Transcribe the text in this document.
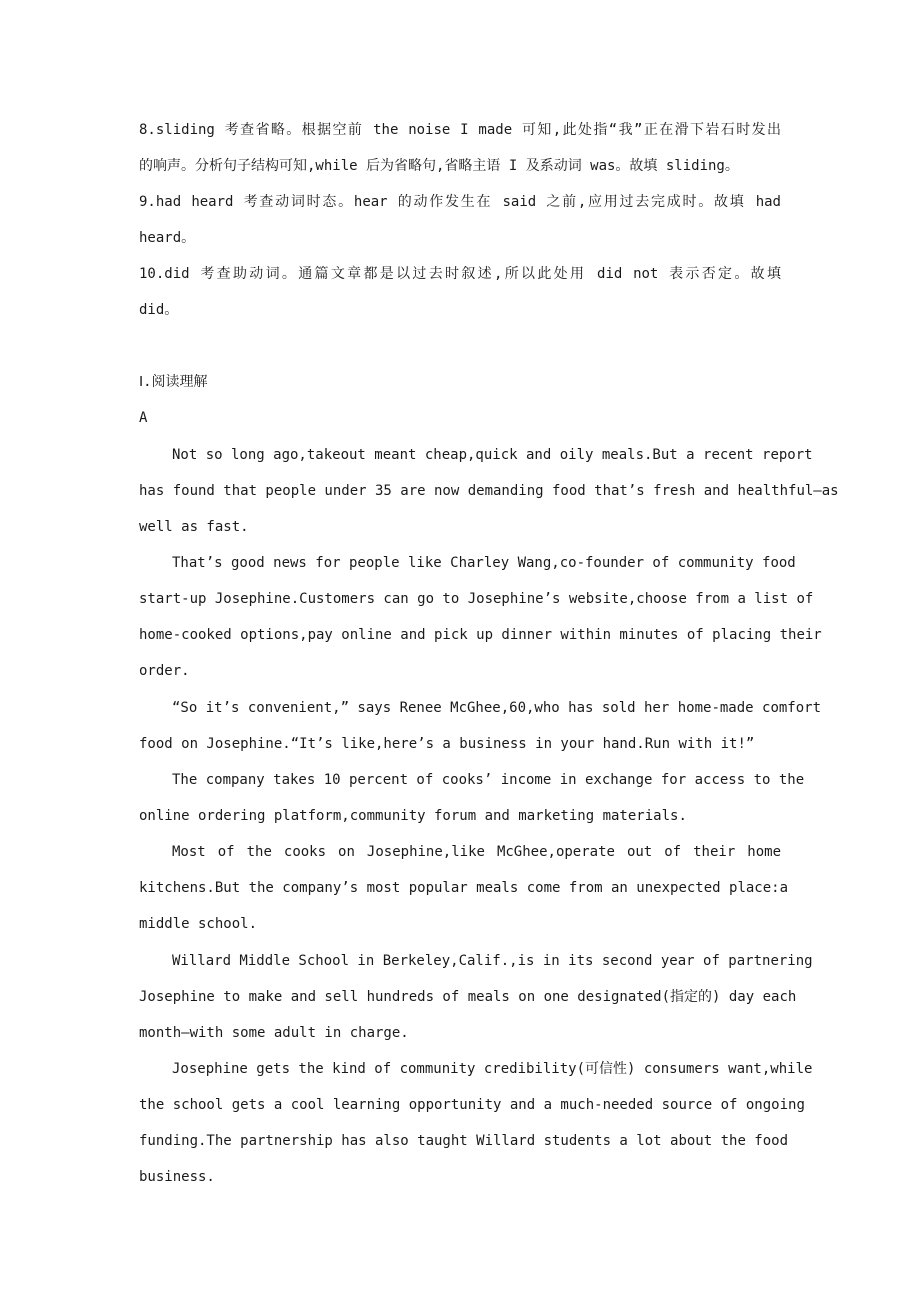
8.sliding 考查省略。根据空前 the noise I made 可知,此处指“我”正在滑下岩石时发出
的响声。分析句子结构可知,while 后为省略句,省略主语 I 及系动词 was。故填 sliding。
9.had heard 考查动词时态。hear 的动作发生在 said 之前,应用过去完成时。故填 had
heard。
10.did 考查助动词。通篇文章都是以过去时叙述,所以此处用 did not 表示否定。故填
did。
Ⅰ.阅读理解
A
Not so long ago,takeout meant cheap,quick and oily meals.But a recent report
has found that people under 35 are now demanding food that’s fresh and healthful—as
well as fast.
That’s good news for people like Charley Wang,co-founder of community food
start-up Josephine.Customers can go to Josephine’s website,choose from a list of
home-cooked options,pay online and pick up dinner within minutes of placing their
order.
“So it’s convenient,” says Renee McGhee,60,who has sold her home-made comfort
food on Josephine.“It’s like,here’s a business in your hand.Run with it!”
The company takes 10 percent of cooks’ income in exchange for access to the
online ordering platform,community forum and marketing materials.
Most of the cooks on Josephine,like McGhee,operate out of their home
kitchens.But the company’s most popular meals come from an unexpected place:a
middle school.
Willard Middle School in Berkeley,Calif.,is in its second year of partnering
Josephine to make and sell hundreds of meals on one designated(指定的) day each
month—with some adult in charge.
Josephine gets the kind of community credibility(可信性) consumers want,while
the school gets a cool learning opportunity and a much-needed source of ongoing
funding.The partnership has also taught Willard students a lot about the food
business.
